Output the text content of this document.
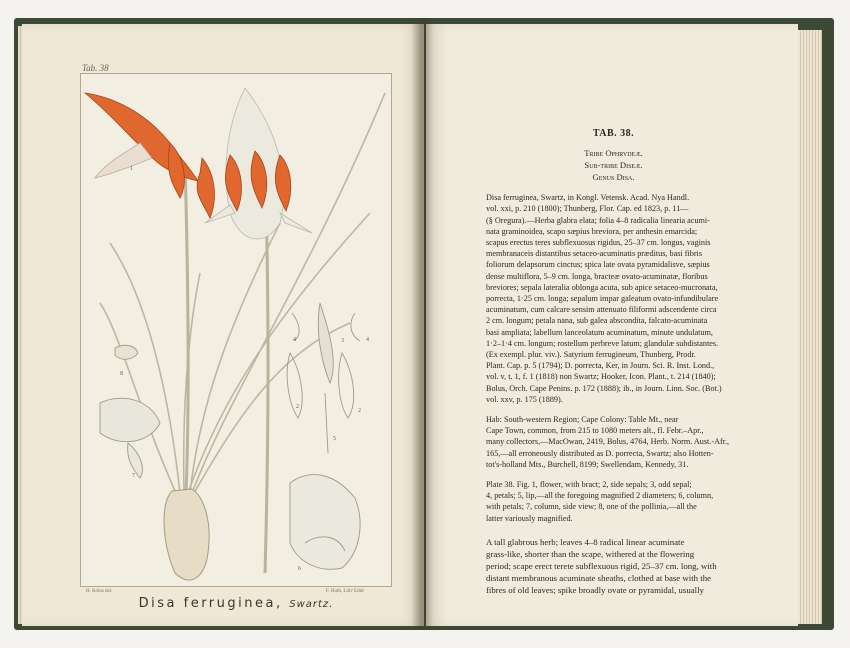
Tab. 38
1
2
2
3
4	4
5
6
7
8
H. Bolus del.	F. Huth, Lithʳ Edinʳ
Disa ferruginea, Swartz.
TAB. 38.
Tribe Ophrydeæ.
Sub-tribe Diseæ.
Genus Disa.
Disa ferruginea, Swartz, in Kongl. Vetensk. Acad. Nya Handl.
vol. xxi, p. 210 (1800); Thunberg, Flor. Cap. ed 1823, p. 11—
(§ Oregura).—Herba glabra elata; folia 4–8 radicalia linearia acumi-
nata graminoidea, scapo sæpius breviora, per anthesin emarcida;
scapus erectus teres subflexuosus rigidus, 25–37 cm. longus, vaginis
membranaceis distantibus setaceo-acuminatis præditus, basi fibris
foliorum delapsorum cinctus; spica late ovata pyramidalisve, sæpius
dense multiflora, 5–9 cm. longa, bracteæ ovato-acuminatæ, floribus
breviores; sepala lateralia oblonga acuta, sub apice setaceo-mucronata,
porrecta, 1·25 cm. longa; sepalum impar galeatum ovato-infundibulare
acuminatum, cum calcare sensim attenuato filiformi adscendente circa
2 cm. longum; petala nana, sub galea abscondita, falcato-acuminata
basi ampliata; labellum lanceolatum acuminatum, minute undulatum,
1·2–1·4 cm. longum; rostellum perbreve latum; glandulæ subdistantes.
(Ex exempl. plur. viv.). Satyrium ferrugineum, Thunberg, Prodr.
Plant. Cap. p. 5 (1794); D. porrecta, Ker, in Journ. Sci. R. Inst. Lond.,
vol. v, t. 1, f. 1 (1818) non Swartz; Hooker, Icon. Plant., t. 214 (1840);
Bolus, Orch. Cape Penins. p. 172 (1888); ib., in Journ. Linn. Soc. (Bot.)
vol. xxv, p. 175 (1889).
Hab: South-western Region; Cape Colony: Table Mt., near
Cape Town, common, from 215 to 1080 meters alt., fl. Febr.–Apr.,
many collectors,—MacOwan, 2419, Bolus, 4764, Herb. Norm. Aust.-Afr.,
165,—all erroneously distributed as D. porrecta, Swartz; also Hotten-
tot's-holland Mts., Burchell, 8199; Swellendam, Kennedy, 31.
Plate 38. Fig. 1, flower, with bract; 2, side sepals; 3, odd sepal;
4, petals; 5, lip,—all the foregoing magnified 2 diameters; 6, column,
with petals; 7, column, side view; 8, one of the pollinia,—all the
latter variously magnified.
A tall glabrous herb; leaves 4–8 radical linear acuminate
grass-like, shorter than the scape, withered at the flowering
period; scape erect terete subflexuous rigid, 25–37 cm. long, with
distant membranous acuminate sheaths, clothed at base with the
fibres of old leaves; spike broadly ovate or pyramidal, usually
